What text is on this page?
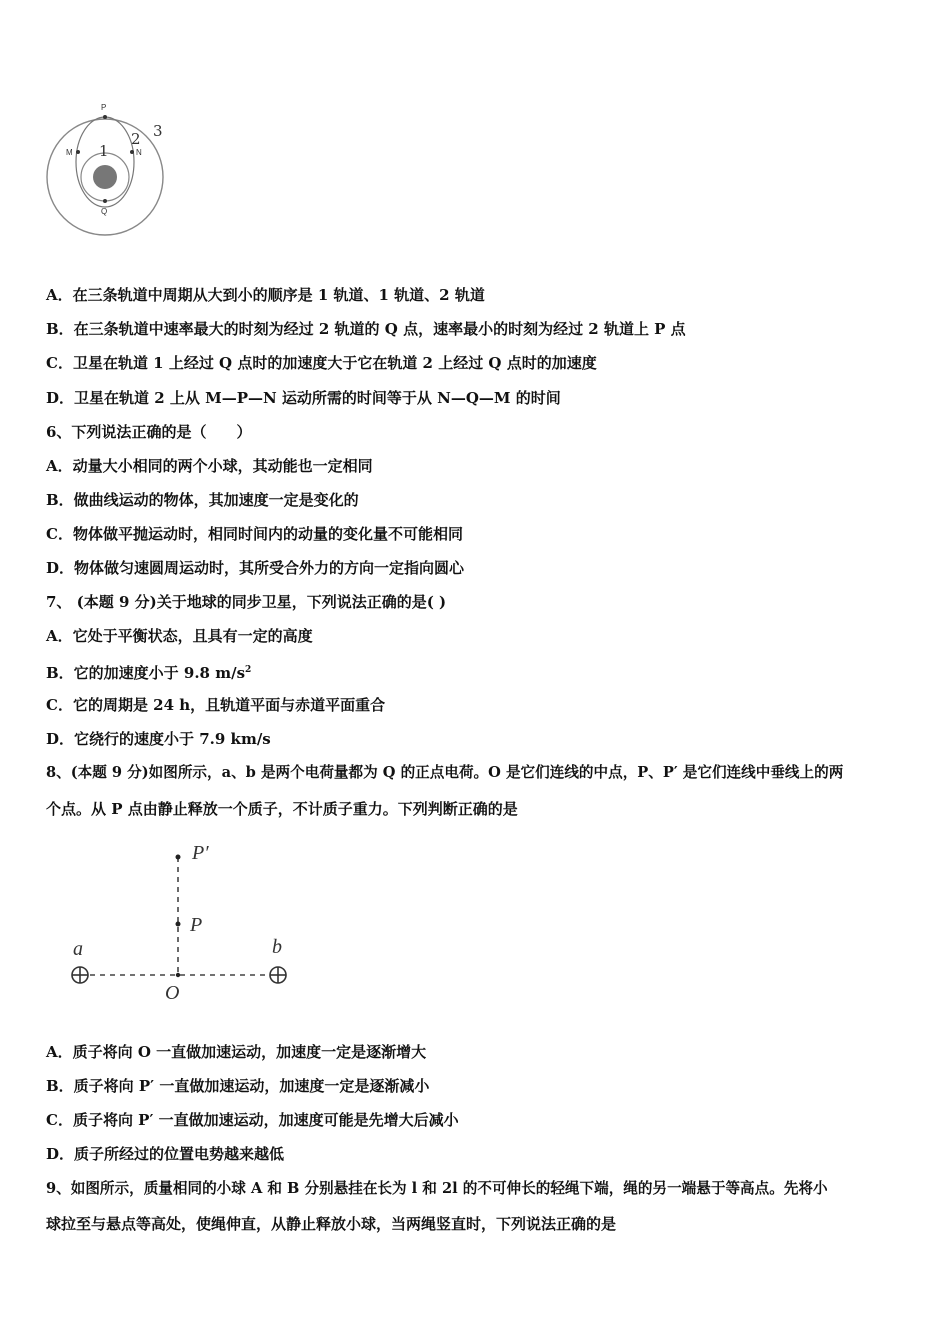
P
M	N
Q
1
2 3
A．在三条轨道中周期从大到小的顺序是 1 轨道、1 轨道、2 轨道
B．在三条轨道中速率最大的时刻为经过 2 轨道的 Q 点，速率最小的时刻为经过 2 轨道上 P 点
C．卫星在轨道 1 上经过 Q 点时的加速度大于它在轨道 2 上经过 Q 点时的加速度
D．卫星在轨道 2 上从 M—P—N 运动所需的时间等于从 N—Q—M 的时间
6、下列说法正确的是（　　）
A．动量大小相同的两个小球，其动能也一定相同
B．做曲线运动的物体，其加速度一定是变化的
C．物体做平抛运动时，相同时间内的动量的变化量不可能相同
D．物体做匀速圆周运动时，其所受合外力的方向一定指向圆心
7、 (本题 9 分)关于地球的同步卫星，下列说法正确的是( )
A．它处于平衡状态，且具有一定的高度
B．它的加速度小于 9.8 $m/s^2$
C．它的周期是 24 h，且轨道平面与赤道平面重合
D．它绕行的速度小于 7.9 km/s
8、(本题 9 分)如图所示，a、b 是两个电荷量都为 Q 的正点电荷。O 是它们连线的中点，P、P′ 是它们连线中垂线上的两
个点。从 P 点由静止释放一个质子，不计质子重力。下列判断正确的是
P′
P
a	b
O
A．质子将向 O 一直做加速运动，加速度一定是逐渐增大
B．质子将向 P′ 一直做加速运动，加速度一定是逐渐减小
C．质子将向 P′ 一直做加速运动，加速度可能是先增大后减小
D．质子所经过的位置电势越来越低
9、如图所示，质量相同的小球 A 和 B 分别悬挂在长为 l 和 2l 的不可伸长的轻绳下端，绳的另一端悬于等高点。先将小
球拉至与悬点等高处，使绳伸直，从静止释放小球，当两绳竖直时，下列说法正确的是
